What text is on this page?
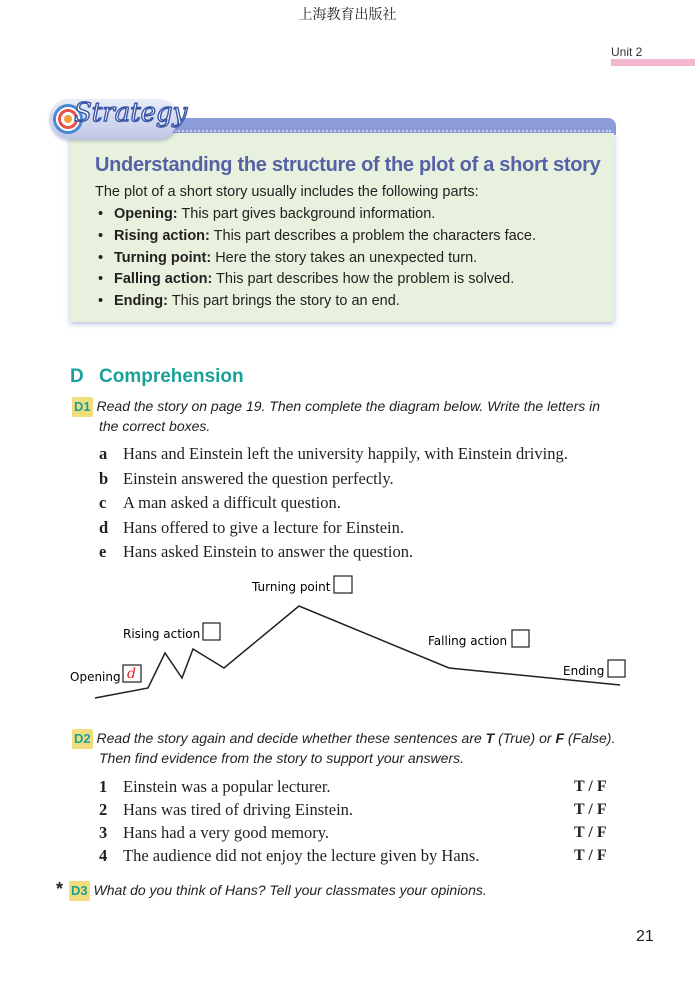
上海教育出版社
Unit 2
Strategy
Understanding the structure of the plot of a short story
The plot of a short story usually includes the following parts:
• Opening: This part gives background information.
• Rising action: This part describes a problem the characters face.
• Turning point: Here the story takes an unexpected turn.
• Falling action: This part describes how the problem is solved.
• Ending: This part brings the story to an end.
D Comprehension
D1 Read the story on page 19. Then complete the diagram below. Write the letters in
the correct boxes.
a Hans and Einstein left the university happily, with Einstein driving.
b Einstein answered the question perfectly.
c A man asked a difficult question.
d Hans offered to give a lecture for Einstein.
e Hans asked Einstein to answer the question.
Opening d
Rising action
Turning point
Falling action
Ending
D2 Read the story again and decide whether these sentences are T (True) or F (False).
Then find evidence from the story to support your answers.
1 Einstein was a popular lecturer.	T / F
2 Hans was tired of driving Einstein.	T / F
3 Hans had a very good memory.	T / F
4 The audience did not enjoy the lecture given by Hans.	T / F
* D3 What do you think of Hans? Tell your classmates your opinions.
21
